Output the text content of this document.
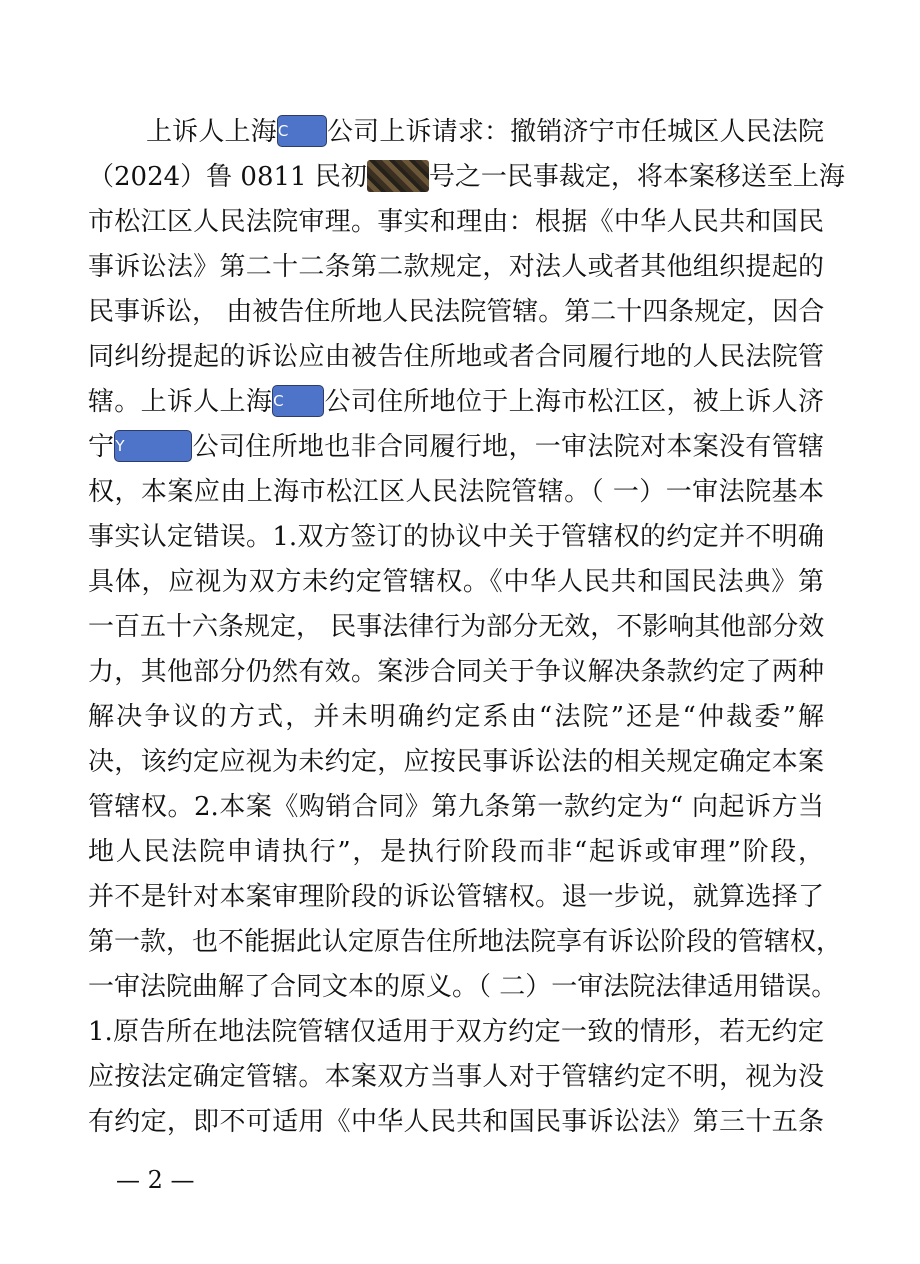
上诉人上海C 公司上诉请求：撤销济宁市任城区人民法院
（2024）鲁 0811 民初 号之一民事裁定，将本案移送至上海
市松江区人民法院审理。事实和理由：根据《中华人民共和国民
事诉讼法》第二十二条第二款规定，对法人或者其他组织提起的
民事诉讼， 由被告住所地人民法院管辖。第二十四条规定，因合
同纠纷提起的诉讼应由被告住所地或者合同履行地的人民法院管
辖。上诉人上海C 公司住所地位于上海市松江区，被上诉人济
宁Y	公司住所地也非合同履行地，一审法院对本案没有管辖
权，本案应由上海市松江区人民法院管辖。（ 一）一审法院基本
事实认定错误。1.双方签订的协议中关于管辖权的约定并不明确
具体，应视为双方未约定管辖权。《中华人民共和国民法典》第
一百五十六条规定， 民事法律行为部分无效，不影响其他部分效
力，其他部分仍然有效。案涉合同关于争议解决条款约定了两种
解决争议的方式，并未明确约定系由“法院”还是“仲裁委”解
决，该约定应视为未约定，应按民事诉讼法的相关规定确定本案
管辖权。2.本案《购销合同》第九条第一款约定为“ 向起诉方当
地人民法院申请执行”，是执行阶段而非“起诉或审理”阶段，
并不是针对本案审理阶段的诉讼管辖权。退一步说，就算选择了
第一款，也不能据此认定原告住所地法院享有诉讼阶段的管辖权，
一审法院曲解了合同文本的原义。（ 二）一审法院法律适用错误。
1.原告所在地法院管辖仅适用于双方约定一致的情形，若无约定
应按法定确定管辖。本案双方当事人对于管辖约定不明，视为没
有约定，即不可适用《中华人民共和国民事诉讼法》第三十五条
— 2 —
